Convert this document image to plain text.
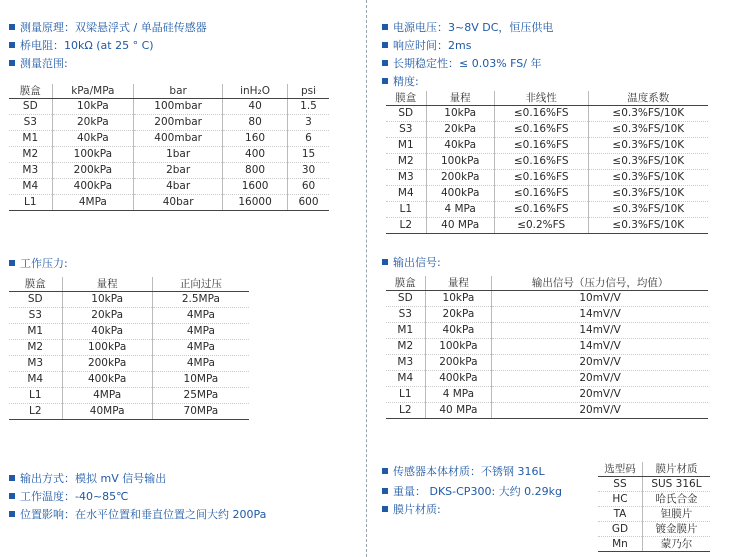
测量原理：双梁悬浮式 / 单晶硅传感器
桥电阻：10kΩ (at 25 ° C)
测量范围:
膜盒	kPa/MPa	bar	inH₂O	psi
SD	10kPa	100mbar	40	1.5
S3	20kPa	200mbar	80	3
M1	40kPa	400mbar	160	6
M2	100kPa	1bar	400	15
M3	200kPa	2bar	800	30
M4	400kPa	4bar	1600	60
L1	4MPa	40bar	16000	600
工作压力:
膜盒	量程	正向过压
SD	10kPa	2.5MPa
S3	20kPa	4MPa
M1	40kPa	4MPa
M2	100kPa	4MPa
M3	200kPa	4MPa
M4	400kPa	10MPa
L1	4MPa	25MPa
L2	40MPa	70MPa
输出方式：模拟 mV 信号输出
工作温度：-40~85℃
位置影响：在水平位置和垂直位置之间大约 200Pa
电源电压：3~8V DC，恒压供电
响应时间：2ms
长期稳定性：≤ 0.03% FS/ 年
精度:
膜盒	量程	非线性	温度系数
SD	10kPa	≤0.16%FS	≤0.3%FS/10K
S3	20kPa	≤0.16%FS	≤0.3%FS/10K
M1	40kPa	≤0.16%FS	≤0.3%FS/10K
M2	100kPa	≤0.16%FS	≤0.3%FS/10K
M3	200kPa	≤0.16%FS	≤0.3%FS/10K
M4	400kPa	≤0.16%FS	≤0.3%FS/10K
L1	4 MPa	≤0.16%FS	≤0.3%FS/10K
L2	40 MPa	≤0.2%FS	≤0.3%FS/10K
输出信号:
膜盒	量程	输出信号（压力信号，均值）
SD	10kPa	10mV/V
S3	20kPa	14mV/V
M1	40kPa	14mV/V
M2	100kPa	14mV/V
M3	200kPa	20mV/V
M4	400kPa	20mV/V
L1	4 MPa	20mV/V
L2	40 MPa	20mV/V
传感器本体材质：不锈钢 316L
重量： DKS-CP300: 大约 0.29kg
膜片材质:
选型码	膜片材质
SS	SUS 316L
HC	哈氏合金
TA	钽膜片
GD	镀金膜片
Mn	蒙乃尔
